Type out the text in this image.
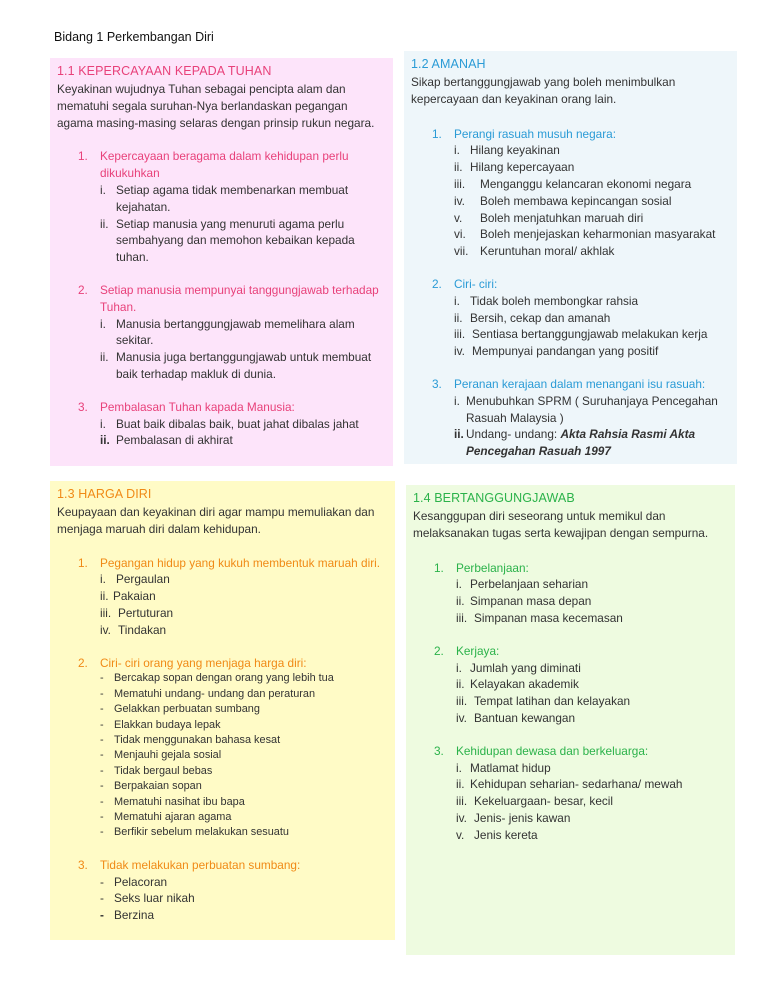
Bidang 1 Perkembangan Diri
1.1 KEPERCAYAAN KEPADA TUHAN

Keyakinan wujudnya Tuhan sebagai pencipta alam dan mematuhi segala suruhan-Nya berlandaskan pegangan agama masing-masing selaras dengan prinsip rukun negara.

1.	Kepercayaan beragama dalam kehidupan perlu dikukuhkan
i. Setiap agama tidak membenarkan membuat kejahatan.
ii. Setiap manusia yang menuruti agama perlu sembahyang dan memohon kebaikan kepada tuhan.
2.	Setiap manusia mempunyai tanggungjawab terhadap Tuhan.
i. Manusia bertanggungjawab memelihara alam sekitar.
ii. Manusia juga bertanggungjawab untuk membuat baik terhadap makluk di dunia.
3.	Pembalasan Tuhan kapada Manusia:
i. Buat baik dibalas baik, buat jahat dibalas jahat
ii. Pembalasan di akhirat
1.2 AMANAH

Sikap bertanggungjawab yang boleh menimbulkan kepercayaan dan keyakinan orang lain.

1.	Perangi rasuah musuh negara:
i. Hilang keyakinan
ii. Hilang kepercayaan
iii.	Menganggu kelancaran ekonomi negara
iv.	Boleh membawa kepincangan sosial
v.	Boleh menjatuhkan maruah diri
vi.	Boleh menjejaskan keharmonian masyarakat
vii. Keruntuhan moral/ akhlak
2.	Ciri- ciri:
i. Tidak boleh membongkar rahsia
ii. Bersih, cekap dan amanah
iii. Sentiasa bertanggungjawab melakukan kerja
iv. Mempunyai pandangan yang positif
3.	Peranan kerajaan dalam menangani isu rasuah:
i. Menubuhkan SPRM ( Suruhanjaya Pencegahan Rasuah Malaysia )
ii. Undang- undang: Akta Rahsia Rasmi Akta Pencegahan Rasuah 1997
1.3 HARGA DIRI

Keupayaan dan keyakinan diri agar mampu memuliakan dan menjaga maruah diri dalam kehidupan.

1.	Pegangan hidup yang kukuh membentuk maruah diri.
i. Pergaulan
ii. Pakaian
iii. Pertuturan
iv. Tindakan
2.	Ciri- ciri orang yang menjaga harga diri:
- Bercakap sopan dengan orang yang lebih tua
- Mematuhi undang- undang dan peraturan
- Gelakkan perbuatan sumbang
- Elakkan budaya lepak
- Tidak menggunakan bahasa kesat
- Menjauhi gejala sosial
- Tidak bergaul bebas
- Berpakaian sopan
- Mematuhi nasihat ibu bapa
- Mematuhi ajaran agama
- Berfikir sebelum melakukan sesuatu
3.	Tidak melakukan perbuatan sumbang:
- Pelacoran
- Seks luar nikah
- Berzina
1.4 BERTANGGUNGJAWAB

Kesanggupan diri seseorang untuk memikul dan melaksanakan tugas serta kewajipan dengan sempurna.

1.	Perbelanjaan:
i. Perbelanjaan seharian
ii. Simpanan masa depan
iii. Simpanan masa kecemasan
2.	Kerjaya:
i. Jumlah yang diminati
ii. Kelayakan akademik
iii. Tempat latihan dan kelayakan
iv. Bantuan kewangan
3.	Kehidupan dewasa dan berkeluarga:
i. Matlamat hidup
ii. Kehidupan seharian- sedarhana/ mewah
iii. Kekeluargaan- besar, kecil
iv. Jenis- jenis kawan
v. Jenis kereta
